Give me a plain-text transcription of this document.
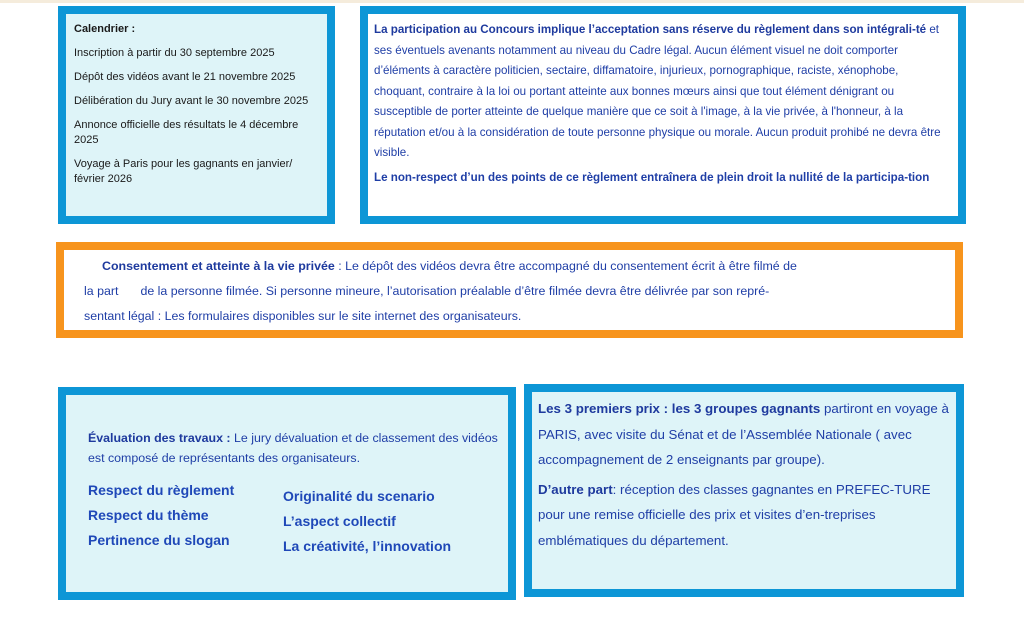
Calendrier :

Inscription à partir du 30 septembre 2025

Dépôt des vidéos avant le 21 novembre 2025

Délibération du Jury avant le 30 novembre 2025

Annonce officielle des résultats le 4 décembre 2025

Voyage à Paris pour les gagnants en janvier/ février 2026

La participation au Concours implique l’acceptation sans réserve du règlement dans son intégrali-té et ses éventuels avenants notamment au niveau du Cadre légal. Aucun élément visuel ne doit comporter d’éléments à caractère politicien, sectaire, diffamatoire, injurieux, pornographique, raciste, xénophobe, choquant, contraire à la loi ou portant atteinte aux bonnes mœurs ainsi que tout élément dénigrant ou susceptible de porter atteinte de quelque manière que ce soit à l'image, à la vie privée, à l'honneur, à la réputation et/ou à la considération de toute personne physique ou morale. Aucun produit prohibé ne devra être visible.

Le non-respect d’un des points de ce règlement entraînera de plein droit la nullité de la participa-tion

Consentement et atteinte à la vie privée : Le dépôt des vidéos devra être accompagné du consentement écrit à être filmé de
la part de la personne filmée. Si personne mineure, l’autorisation préalable d’être filmée devra être délivrée par son repré-
sentant légal : Les formulaires disponibles sur le site internet des organisateurs.

Évaluation des travaux : Le jury dévaluation et de classement des vidéos est composé de représentants des organisateurs.

Respect du règlement
Respect du thème
Pertinence du slogan
Originalité du scenario
L’aspect collectif
La créativité, l’innovation

Les 3 premiers prix : les 3 groupes gagnants partiront en voyage à PARIS, avec visite du Sénat et de l’Assemblée Nationale ( avec accompagnement de 2 enseignants par groupe).

D’autre part: réception des classes gagnantes en PREFEC-TURE pour une remise officielle des prix et visites d’en-treprises emblématiques du département.
